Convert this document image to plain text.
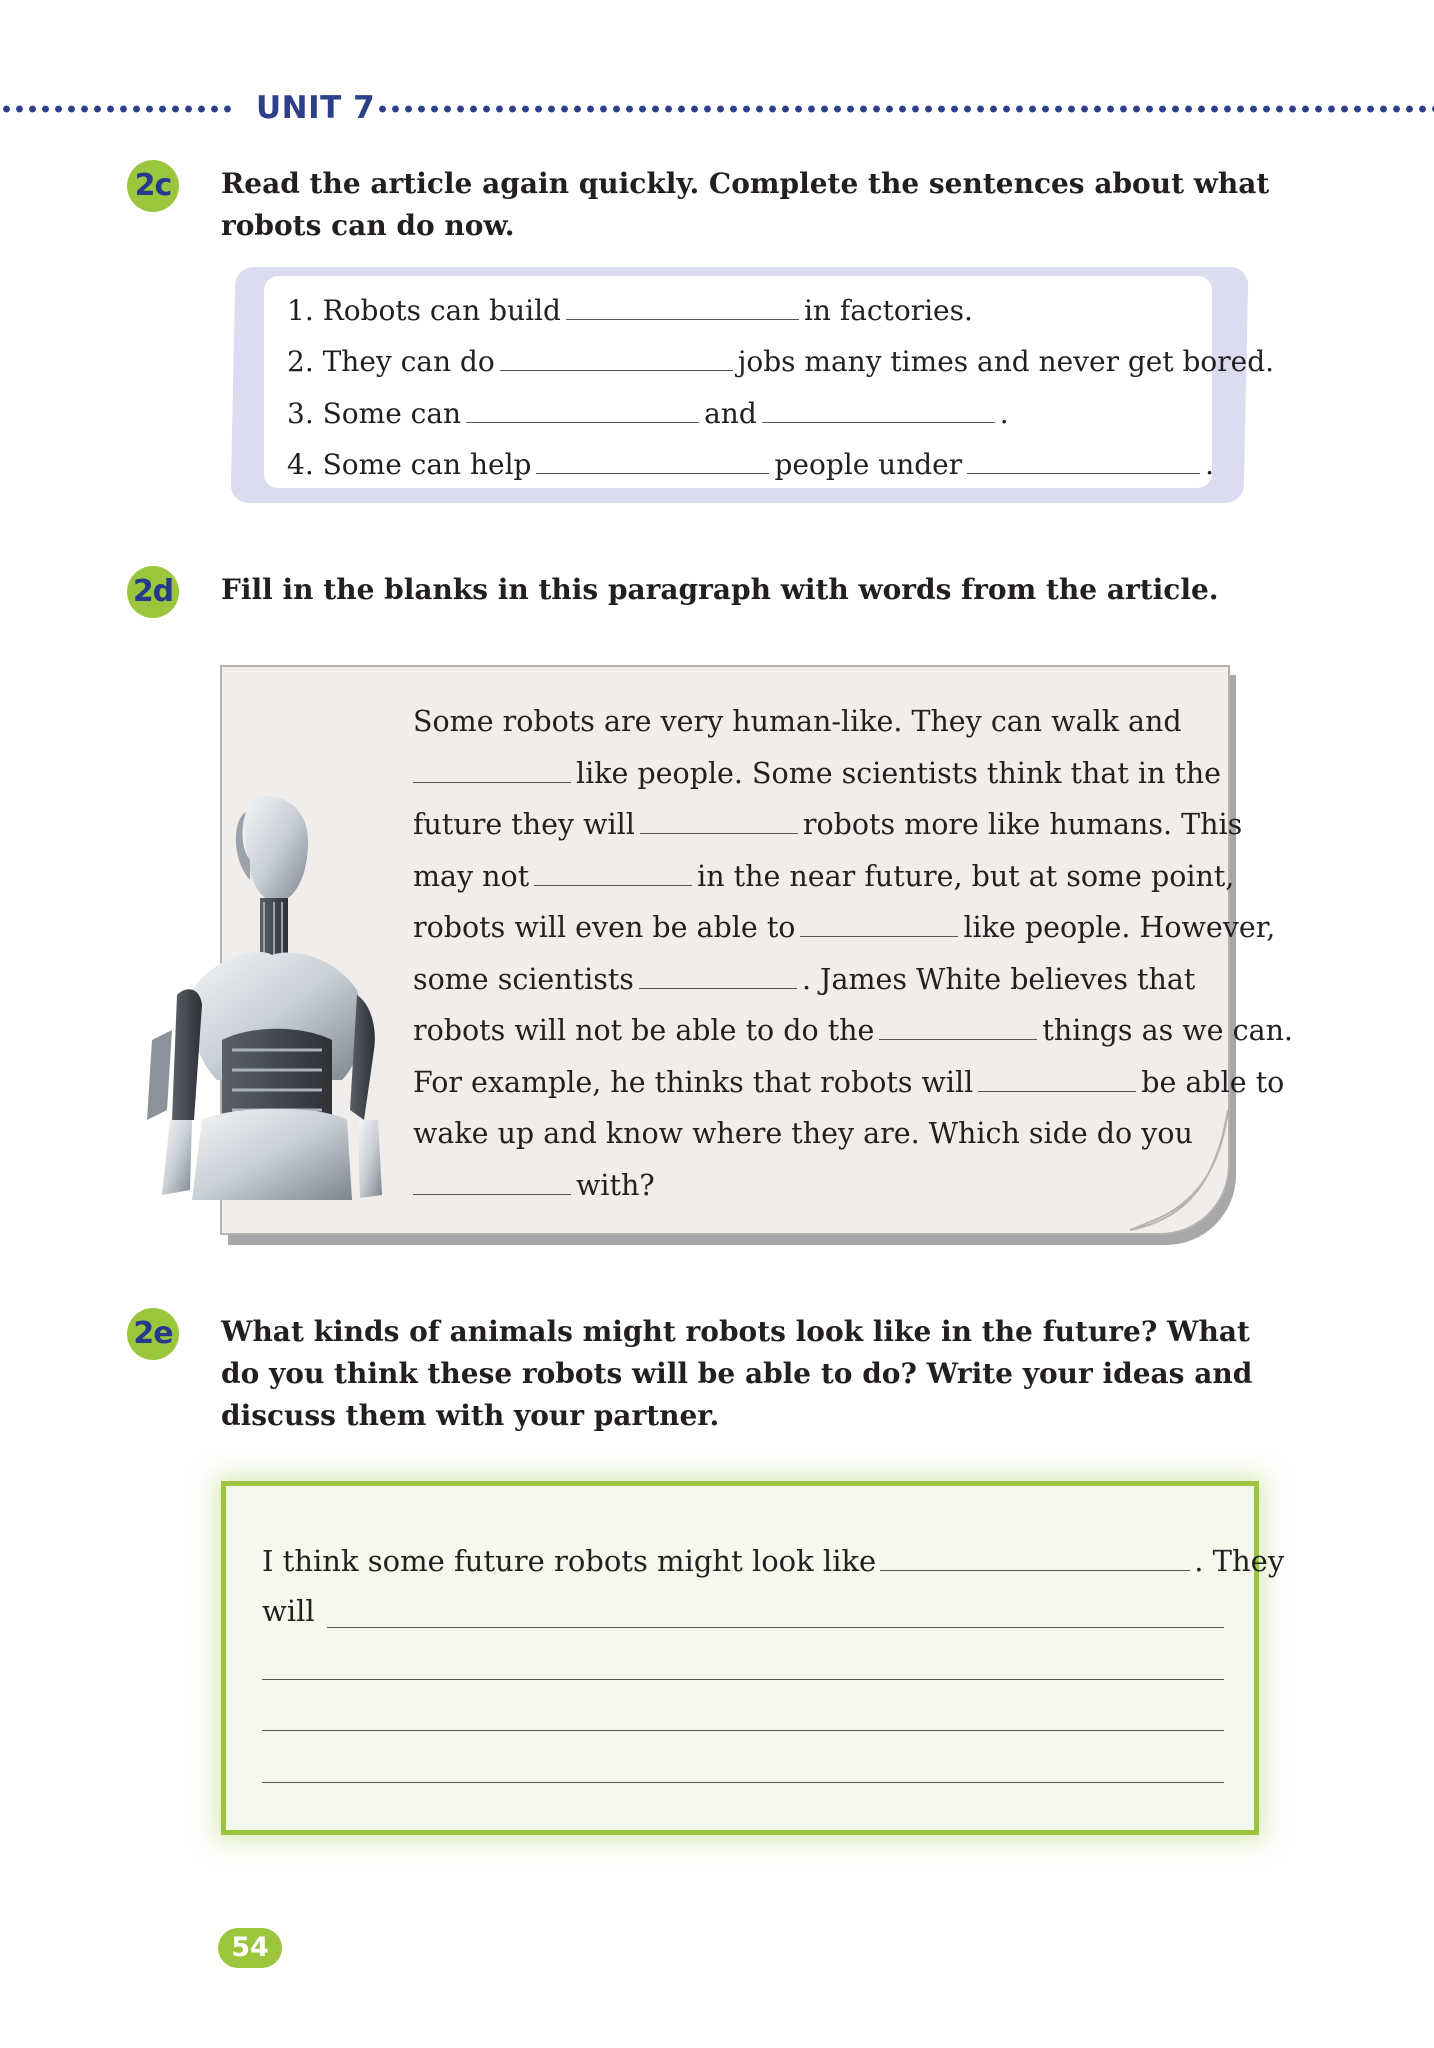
UNIT 7
2c Read the article again quickly. Complete the sentences about what robots can do now.
1. Robots can build	in factories.
2. They can do	jobs many times and never get bored.
3. Some can	and	.
4. Some can help	people under	.
2d Fill in the blanks in this paragraph with words from the article.
Some robots are very human-like. They can walk and
like people. Some scientists think that in the
future they will	robots more like humans. This
may not	in the near future, but at some point,
robots will even be able to	like people. However,
some scientists	. James White believes that
robots will not be able to do the	things as we can.
For example, he thinks that robots will	be able to
wake up and know where they are. Which side do you
with?
2e What kinds of animals might robots look like in the future? What do you think these robots will be able to do? Write your ideas and discuss them with your partner.
I think some future robots might look like	. They
will
54
